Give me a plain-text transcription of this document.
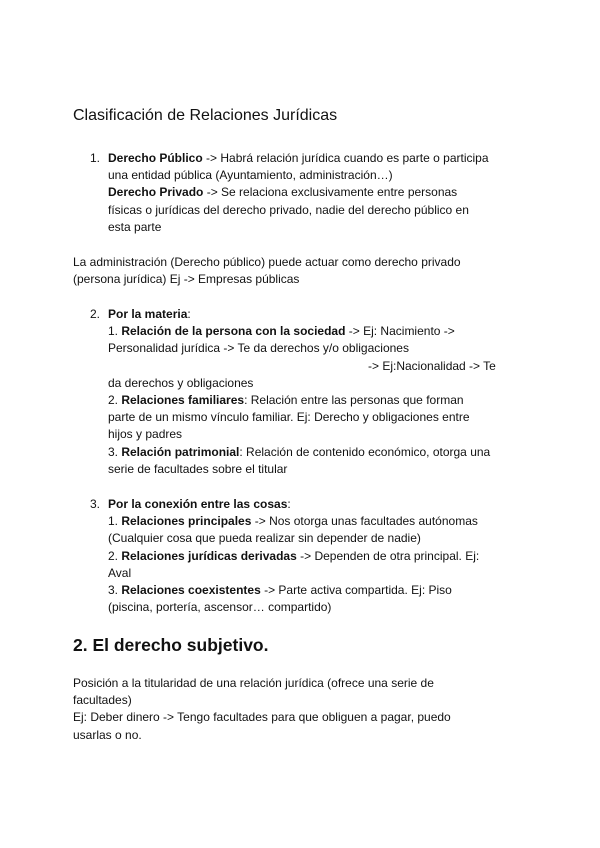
Clasificación de Relaciones Jurídicas
1. Derecho Público -> Habrá relación jurídica cuando es parte o participa
una entidad pública (Ayuntamiento, administración…)
Derecho Privado -> Se relaciona exclusivamente entre personas
físicas o jurídicas del derecho privado, nadie del derecho público en
esta parte
La administración (Derecho público) puede actuar como derecho privado
(persona jurídica) Ej -> Empresas públicas
2. Por la materia:
1. Relación de la persona con la sociedad -> Ej: Nacimiento ->
Personalidad jurídica -> Te da derechos y/o obligaciones
-> Ej:Nacionalidad -> Te
da derechos y obligaciones
2. Relaciones familiares: Relación entre las personas que forman
parte de un mismo vínculo familiar. Ej: Derecho y obligaciones entre
hijos y padres
3. Relación patrimonial: Relación de contenido económico, otorga una
serie de facultades sobre el titular
3. Por la conexión entre las cosas:
1. Relaciones principales -> Nos otorga unas facultades autónomas
(Cualquier cosa que pueda realizar sin depender de nadie)
2. Relaciones jurídicas derivadas -> Dependen de otra principal. Ej:
Aval
3. Relaciones coexistentes -> Parte activa compartida. Ej: Piso
(piscina, portería, ascensor… compartido)
2. El derecho subjetivo.
Posición a la titularidad de una relación jurídica (ofrece una serie de
facultades)
Ej: Deber dinero -> Tengo facultades para que obliguen a pagar, puedo
usarlas o no.
